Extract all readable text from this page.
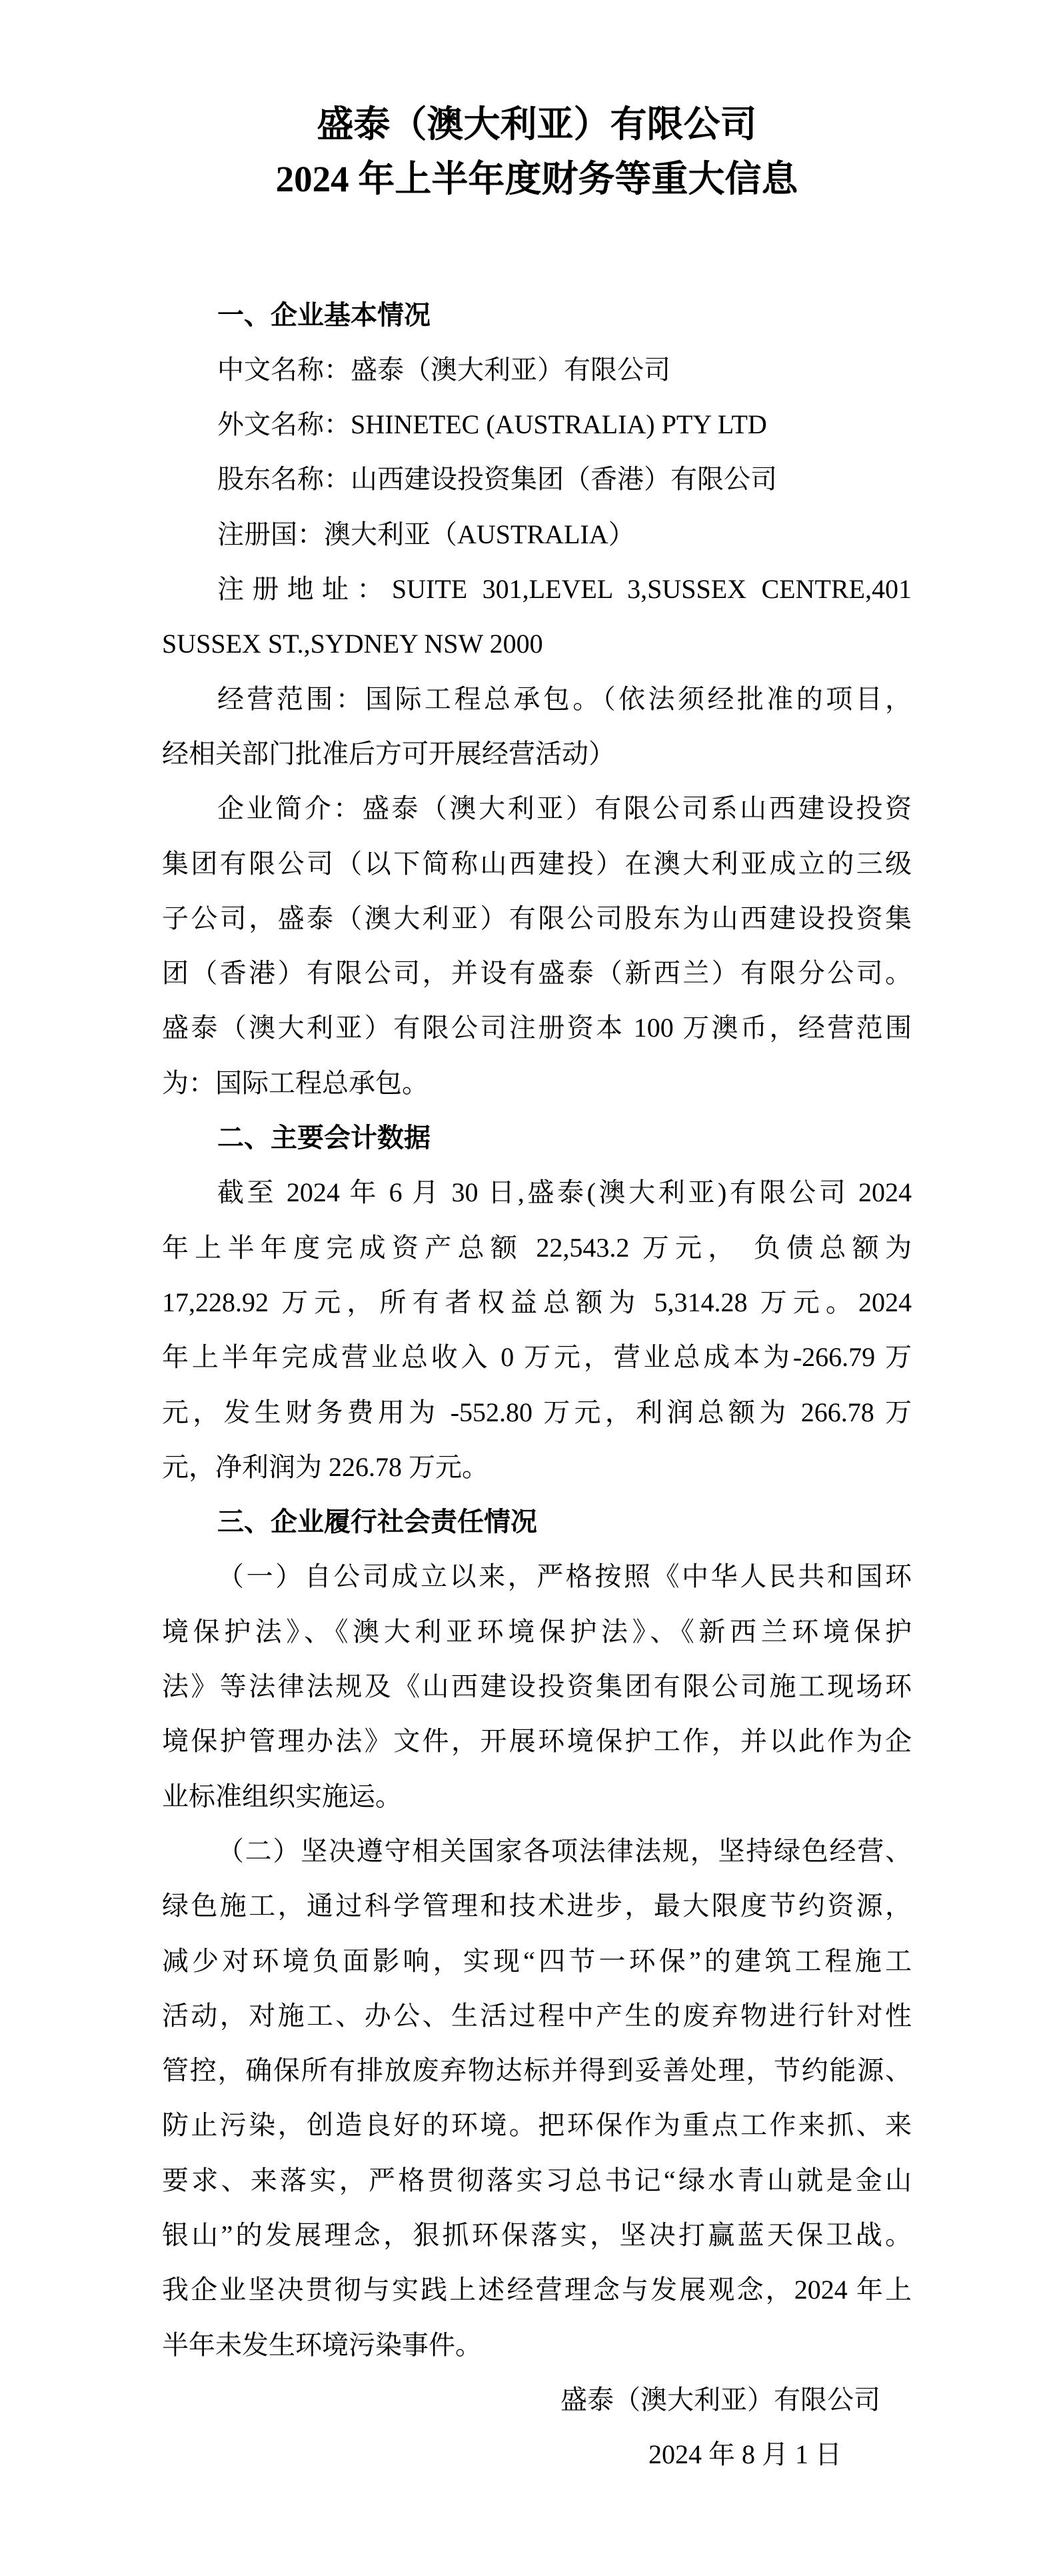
盛泰（澳大利亚）有限公司
2024 年上半年度财务等重大信息
一、企业基本情况
中文名称：盛泰（澳大利亚）有限公司
外文名称：SHINETEC (AUSTRALIA) PTY LTD
股东名称：山西建设投资集团（香港）有限公司
注册国：澳大利亚（AUSTRALIA）
注册地址：SUITE 301,LEVEL 3,SUSSEX CENTRE,401
SUSSEX ST.,SYDNEY NSW 2000
经营范围：国际工程总承包。（依法须经批准的项目，
经相关部门批准后方可开展经营活动）
企业简介：盛泰（澳大利亚）有限公司系山西建设投资
集团有限公司（以下简称山西建投）在澳大利亚成立的三级
子公司，盛泰（澳大利亚）有限公司股东为山西建设投资集
团（香港）有限公司，并设有盛泰（新西兰）有限分公司。
盛泰（澳大利亚）有限公司注册资本 100 万澳币，经营范围
为：国际工程总承包。
二、主要会计数据
截至 2024 年 6 月 30 日,盛泰(澳大利亚)有限公司 2024
年上半年度完成资产总额 22,543.2 万元， 负债总额为
17,228.92 万元，所有者权益总额为 5,314.28 万元。2024
年上半年完成营业总收入 0 万元，营业总成本为-266.79 万
元，发生财务费用为 -552.80 万元，利润总额为 266.78 万
元，净利润为 226.78 万元。
三、企业履行社会责任情况
（一）自公司成立以来，严格按照《中华人民共和国环
境保护法》、《澳大利亚环境保护法》、《新西兰环境保护
法》等法律法规及《山西建设投资集团有限公司施工现场环
境保护管理办法》文件，开展环境保护工作，并以此作为企
业标准组织实施运。
（二）坚决遵守相关国家各项法律法规，坚持绿色经营、
绿色施工，通过科学管理和技术进步，最大限度节约资源，
减少对环境负面影响，实现“四节一环保”的建筑工程施工
活动，对施工、办公、生活过程中产生的废弃物进行针对性
管控，确保所有排放废弃物达标并得到妥善处理，节约能源、
防止污染，创造良好的环境。把环保作为重点工作来抓、来
要求、来落实，严格贯彻落实习总书记“绿水青山就是金山
银山”的发展理念，狠抓环保落实，坚决打赢蓝天保卫战。
我企业坚决贯彻与实践上述经营理念与发展观念，2024 年上
半年未发生环境污染事件。
盛泰（澳大利亚）有限公司
2024 年 8 月 1 日
